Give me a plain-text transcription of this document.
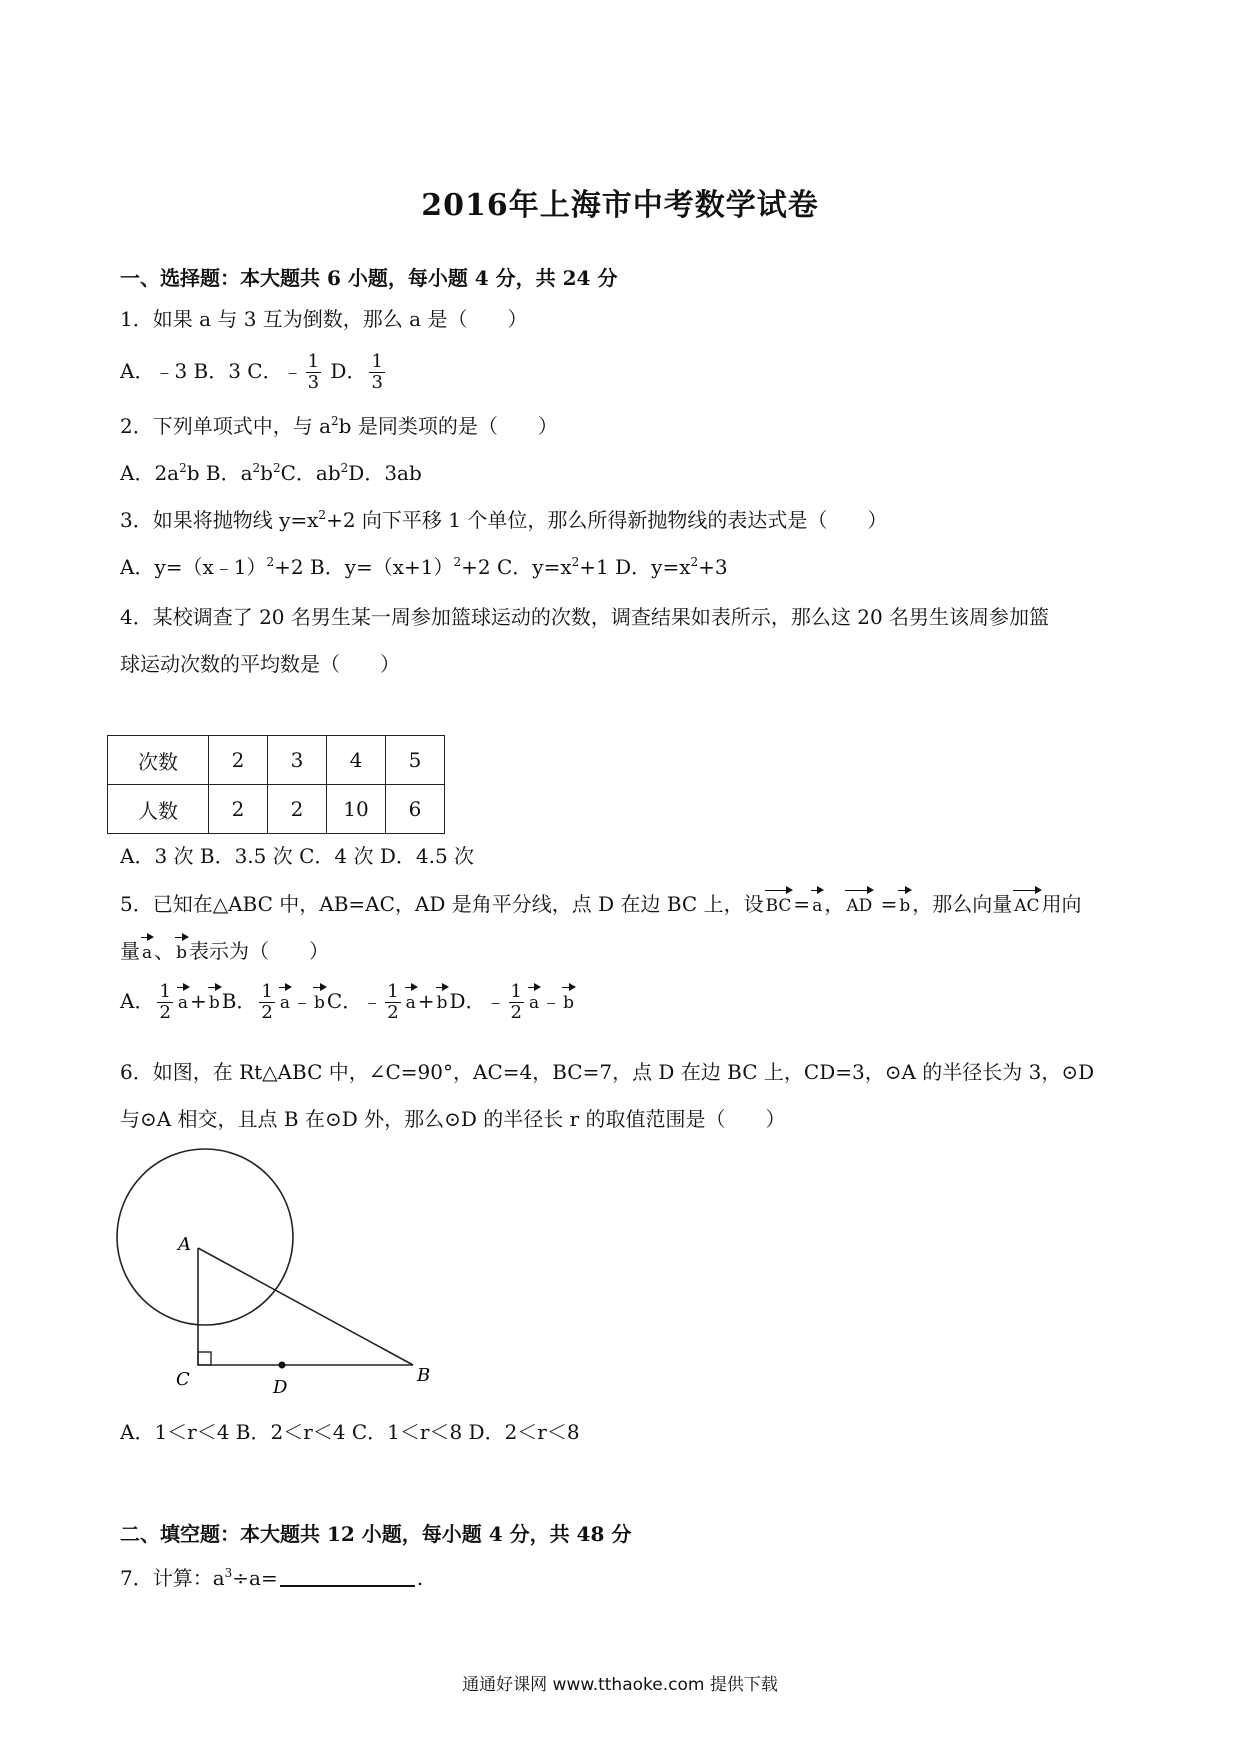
2016年上海市中考数学试卷
一、选择题：本大题共 6 小题，每小题 4 分，共 24 分
1．如果 a 与 3 互为倒数，那么 a 是（　　）
A．﹣3 B．3 C．﹣ $\frac{1}{3}$ D． $\frac{1}{3}$
2．下列单项式中，与 $a^2b$ 是同类项的是（　　）
A．$2a^2b$ B．$a^2b^2C$．$ab^2D$．3ab
3．如果将抛物线 $y=x^2+2$ 向下平移 1 个单位，那么所得新抛物线的表达式是（　　）
A．y=（x﹣1）$^2$+2 B．$y=(x+1)^2+2$ C．$y=x^2+1$ D．$y=x^2+3$
4．某校调查了 20 名男生某一周参加篮球运动的次数，调查结果如表所示，那么这 20 名男生该周参加篮
球运动次数的平均数是（　　）
次数	2	3	4	5
人数	2	2	10	6
A．3 次 B．3.5 次 C．4 次 D．4.5 次
5．已知在△ABC 中，AB=AC，AD 是角平分线，点 D 在边 BC 上，设 BC = a ， AD = b ，那么向量 AC 用向
量 a 、 b 表示为（　　）
A． $\frac{1}{2}$ a + b B． $\frac{1}{2}$ a ﹣ b C．﹣ $\frac{1}{2}$ a + b D．﹣ $\frac{1}{2}$ a ﹣ b
6．如图，在 Rt△ABC 中，∠C=90°，AC=4，BC=7，点 D 在边 BC 上，CD=3，⊙A 的半径长为 3，⊙D
与⊙A 相交，且点 B 在⊙D 外，那么⊙D 的半径长 r 的取值范围是（　　）
A
C	D
B
A．1＜r＜4 B．2＜r＜4 C．1＜r＜8 D．2＜r＜8
二、填空题：本大题共 12 小题，每小题 4 分，共 48 分
7．计算：$a^3\div a=$	.
通通好课网 www.tthaoke.com 提供下载
